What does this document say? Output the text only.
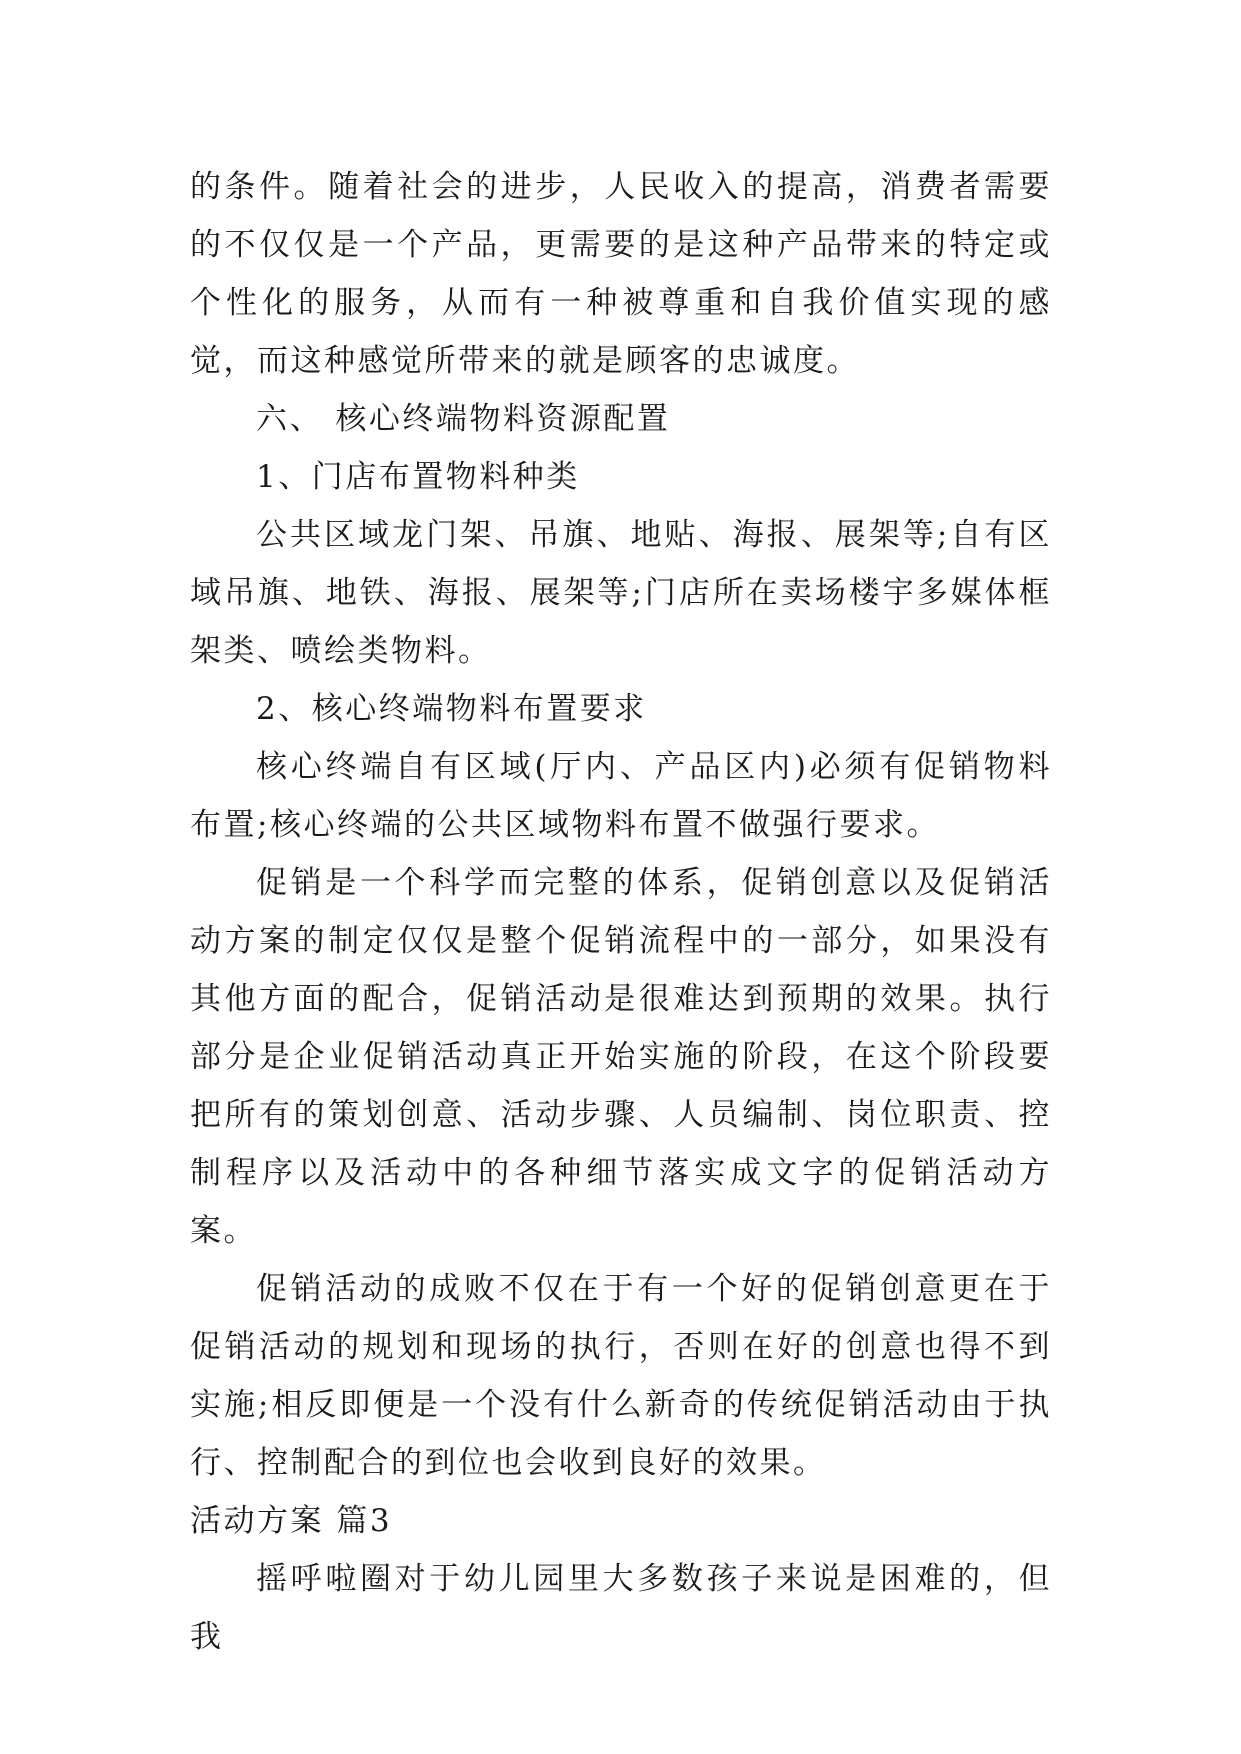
的条件。随着社会的进步，人民收入的提高，消费者需要的不仅仅是一个产品，更需要的是这种产品带来的特定或个性化的服务，从而有一种被尊重和自我价值实现的感觉，而这种感觉所带来的就是顾客的忠诚度。

六、 核心终端物料资源配置

1、门店布置物料种类

公共区域龙门架、吊旗、地贴、海报、展架等;自有区域吊旗、地铁、海报、展架等;门店所在卖场楼宇多媒体框架类、喷绘类物料。

2、核心终端物料布置要求

核心终端自有区域(厅内、产品区内)必须有促销物料布置;核心终端的公共区域物料布置不做强行要求。

促销是一个科学而完整的体系，促销创意以及促销活动方案的制定仅仅是整个促销流程中的一部分，如果没有其他方面的配合，促销活动是很难达到预期的效果。执行部分是企业促销活动真正开始实施的阶段，在这个阶段要把所有的策划创意、活动步骤、人员编制、岗位职责、控制程序以及活动中的各种细节落实成文字的促销活动方案。

促销活动的成败不仅在于有一个好的促销创意更在于促销活动的规划和现场的执行，否则在好的创意也得不到实施;相反即便是一个没有什么新奇的传统促销活动由于执行、控制配合的到位也会收到良好的效果。

活动方案 篇3

摇呼啦圈对于幼儿园里大多数孩子来说是困难的，但我
